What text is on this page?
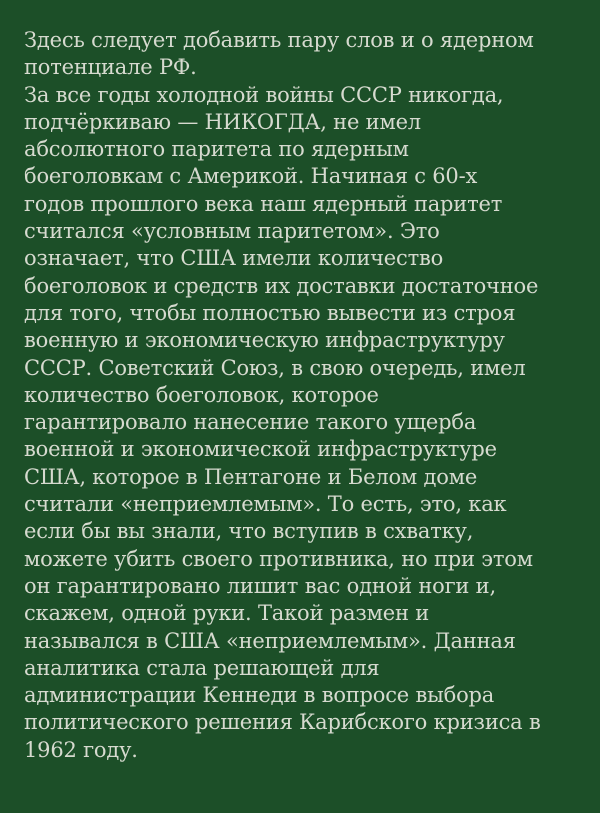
Здесь следует добавить пару слов и о ядерном
потенциале РФ.
За все годы холодной войны СССР никогда,
подчёркиваю — НИКОГДА, не имел
абсолютного паритета по ядерным
боеголовкам с Америкой. Начиная с 60-х
годов прошлого века наш ядерный паритет
считался «условным паритетом». Это
означает, что США имели количество
боеголовок и средств их доставки достаточное
для того, чтобы полностью вывести из строя
военную и экономическую инфраструктуру
СССР. Советский Союз, в свою очередь, имел
количество боеголовок, которое
гарантировало нанесение такого ущерба
военной и экономической инфраструктуре
США, которое в Пентагоне и Белом доме
считали «неприемлемым». То есть, это, как
если бы вы знали, что вступив в схватку,
можете убить своего противника, но при этом
он гарантировано лишит вас одной ноги и,
скажем, одной руки. Такой размен и
назывался в США «неприемлемым». Данная
аналитика стала решающей для
администрации Кеннеди в вопросе выбора
политического решения Карибского кризиса в
1962 году.
